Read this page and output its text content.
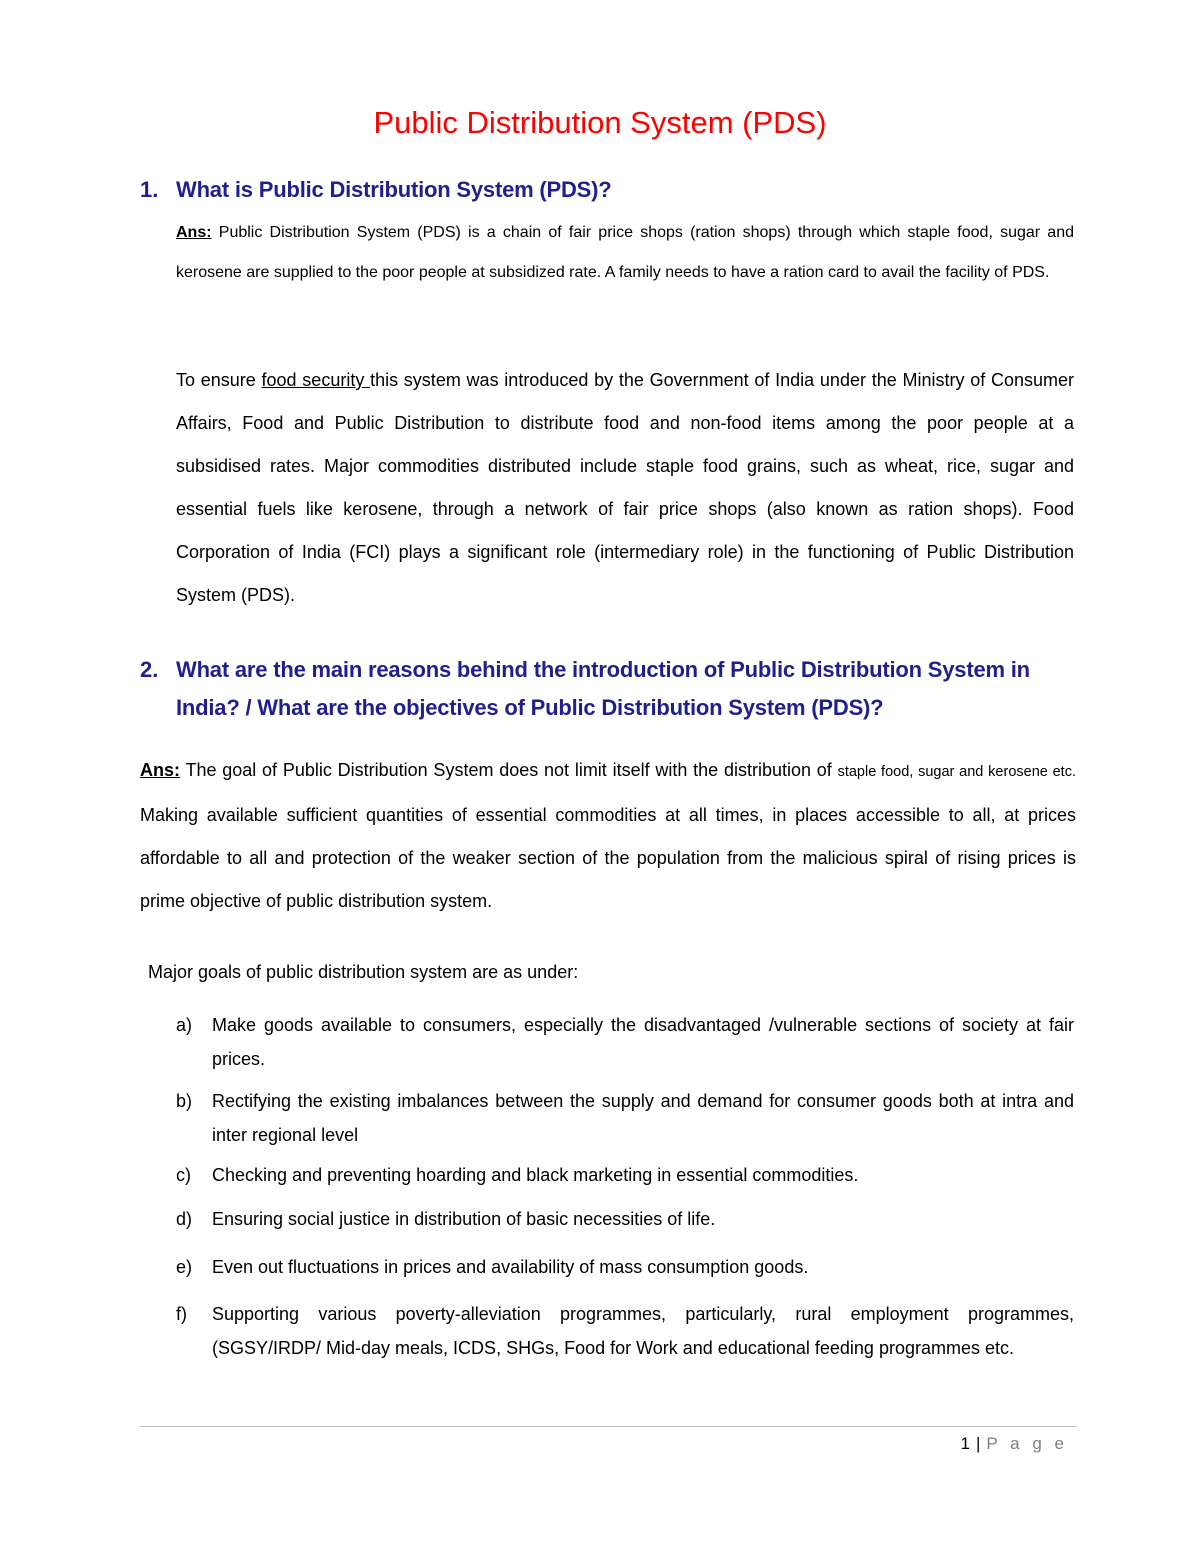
Public Distribution System (PDS)
1. What is Public Distribution System (PDS)?

Ans: Public Distribution System (PDS) is a chain of fair price shops (ration shops) through which staple food, sugar and kerosene are supplied to the poor people at subsidized rate. A family needs to have a ration card to avail the facility of PDS.

To ensure food security this system was introduced by the Government of India under the Ministry of Consumer Affairs, Food and Public Distribution to distribute food and non-food items among the poor people at a subsidised rates. Major commodities distributed include staple food grains, such as wheat, rice, sugar and essential fuels like kerosene, through a network of fair price shops (also known as ration shops). Food Corporation of India (FCI) plays a significant role (intermediary role) in the functioning of Public Distribution System (PDS).

2. What are the main reasons behind the introduction of Public Distribution System in India? / What are the objectives of Public Distribution System (PDS)?

Ans: The goal of Public Distribution System does not limit itself with the distribution of staple food, sugar and kerosene etc. Making available sufficient quantities of essential commodities at all times, in places accessible to all, at prices affordable to all and protection of the weaker section of the population from the malicious spiral of rising prices is prime objective of public distribution system.

Major goals of public distribution system are as under:
a)	Make goods available to consumers, especially the disadvantaged /vulnerable sections of society at fair prices.
b)	Rectifying the existing imbalances between the supply and demand for consumer goods both at intra and inter regional level
c)	Checking and preventing hoarding and black marketing in essential commodities.
d)	Ensuring social justice in distribution of basic necessities of life.
e)	Even out fluctuations in prices and availability of mass consumption goods.
f)	Supporting various poverty-alleviation programmes, particularly, rural employment programmes, (SGSY/IRDP/ Mid-day meals, ICDS, SHGs, Food for Work and educational feeding programmes etc.
1 | P a g e
